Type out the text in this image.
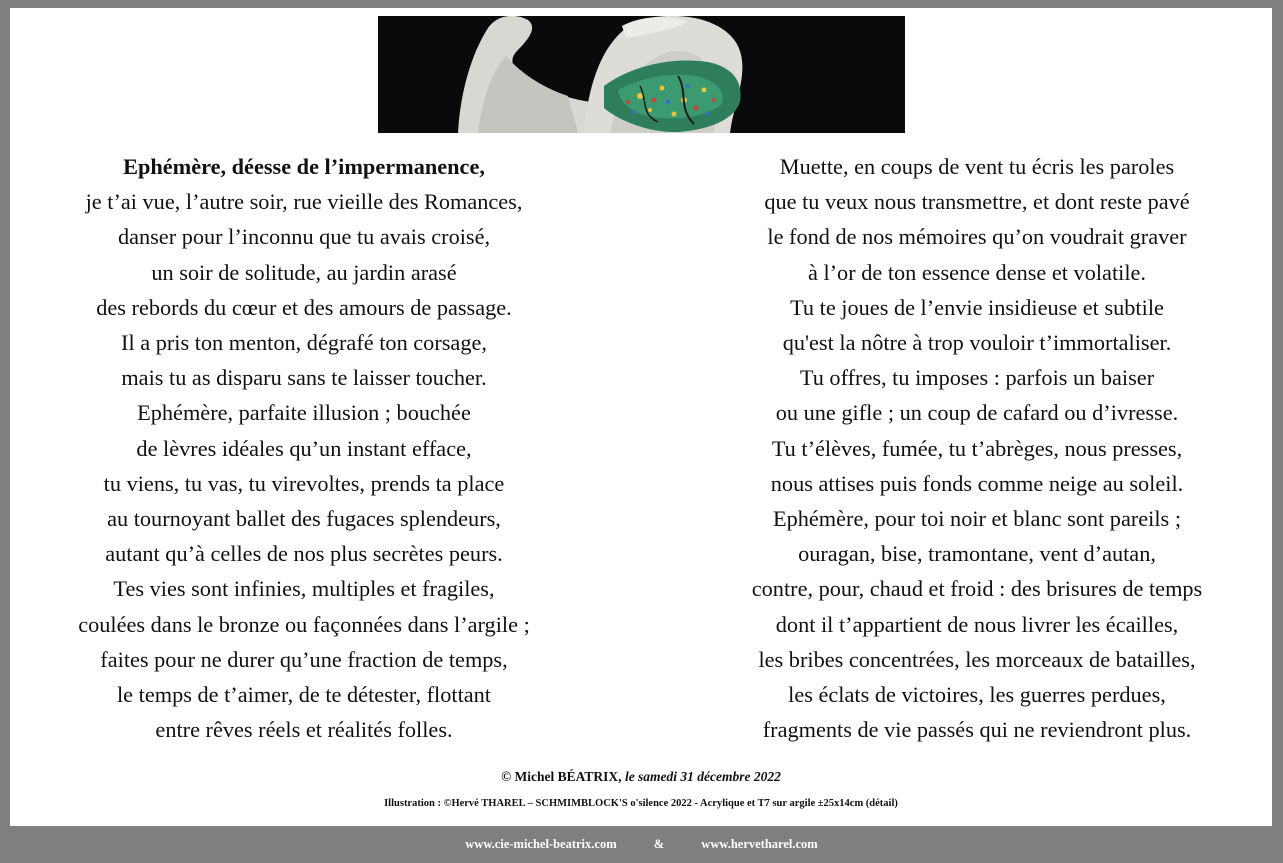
Ephémère, déesse de l’impermanence,
je t’ai vue, l’autre soir, rue vieille des Romances,
danser pour l’inconnu que tu avais croisé,
un soir de solitude, au jardin arasé
des rebords du cœur et des amours de passage.
Il a pris ton menton, dégrafé ton corsage,
mais tu as disparu sans te laisser toucher.
Ephémère, parfaite illusion ; bouchée
de lèvres idéales qu’un instant efface,
tu viens, tu vas, tu virevoltes, prends ta place
au tournoyant ballet des fugaces splendeurs,
autant qu’à celles de nos plus secrètes peurs.
Tes vies sont infinies, multiples et fragiles,
coulées dans le bronze ou façonnées dans l’argile ;
faites pour ne durer qu’une fraction de temps,
le temps de t’aimer, de te détester, flottant
entre rêves réels et réalités folles.
Muette, en coups de vent tu écris les paroles
que tu veux nous transmettre, et dont reste pavé
le fond de nos mémoires qu’on voudrait graver
à l’or de ton essence dense et volatile.
Tu te joues de l’envie insidieuse et subtile
qu'est la nôtre à trop vouloir t’immortaliser.
Tu offres, tu imposes : parfois un baiser
ou une gifle ; un coup de cafard ou d’ivresse.
Tu t’élèves, fumée, tu t’abrèges, nous presses,
nous attises puis fonds comme neige au soleil.
Ephémère, pour toi noir et blanc sont pareils ;
ouragan, bise, tramontane, vent d’autan,
contre, pour, chaud et froid : des brisures de temps
dont il t’appartient de nous livrer les écailles,
les bribes concentrées, les morceaux de batailles,
les éclats de victoires, les guerres perdues,
fragments de vie passés qui ne reviendront plus.
© Michel BÉATRIX, le samedi 31 décembre 2022
Illustration : ©Hervé THAREL – SCHMIMBLOCK'S o'silence 2022 - Acrylique et T7 sur argile ±25x14cm (détail)
www.cie-michel-beatrix.com	&	www.hervetharel.com
